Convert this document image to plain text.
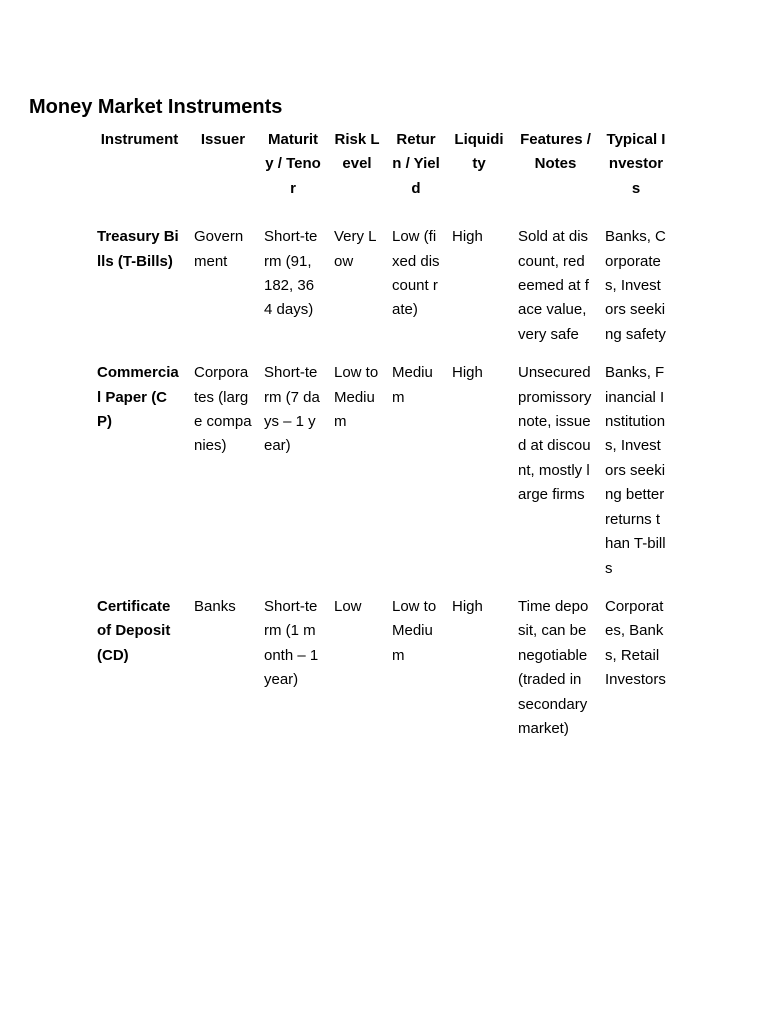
Money Market Instruments
Instrument	Issuer	Maturity / Tenor	Risk Level	Return / Yield	Liquidity	Features / Notes	Typical Investors
Treasury Bills (T-Bills)	Government	Short-term (91, 182, 364 days)	Very Low	Low (fixed discount rate)	High	Sold at discount, redeemed at face value, very safe	Banks, Corporates, Investors seeking safety
Commercial Paper (CP)	Corporates (large companies)	Short-term (7 days – 1 year)	Low to Medium	Medium	High	Unsecured promissory note, issued at discount, mostly large firms	Banks, Financial Institutions, Investors seeking better returns than T-bills
Certificate of Deposit (CD)	Banks	Short-term (1 month – 1 year)	Low	Low to Medium	High	Time deposit, can be negotiable (traded in secondary market)	Corporates, Banks, Retail Investors
